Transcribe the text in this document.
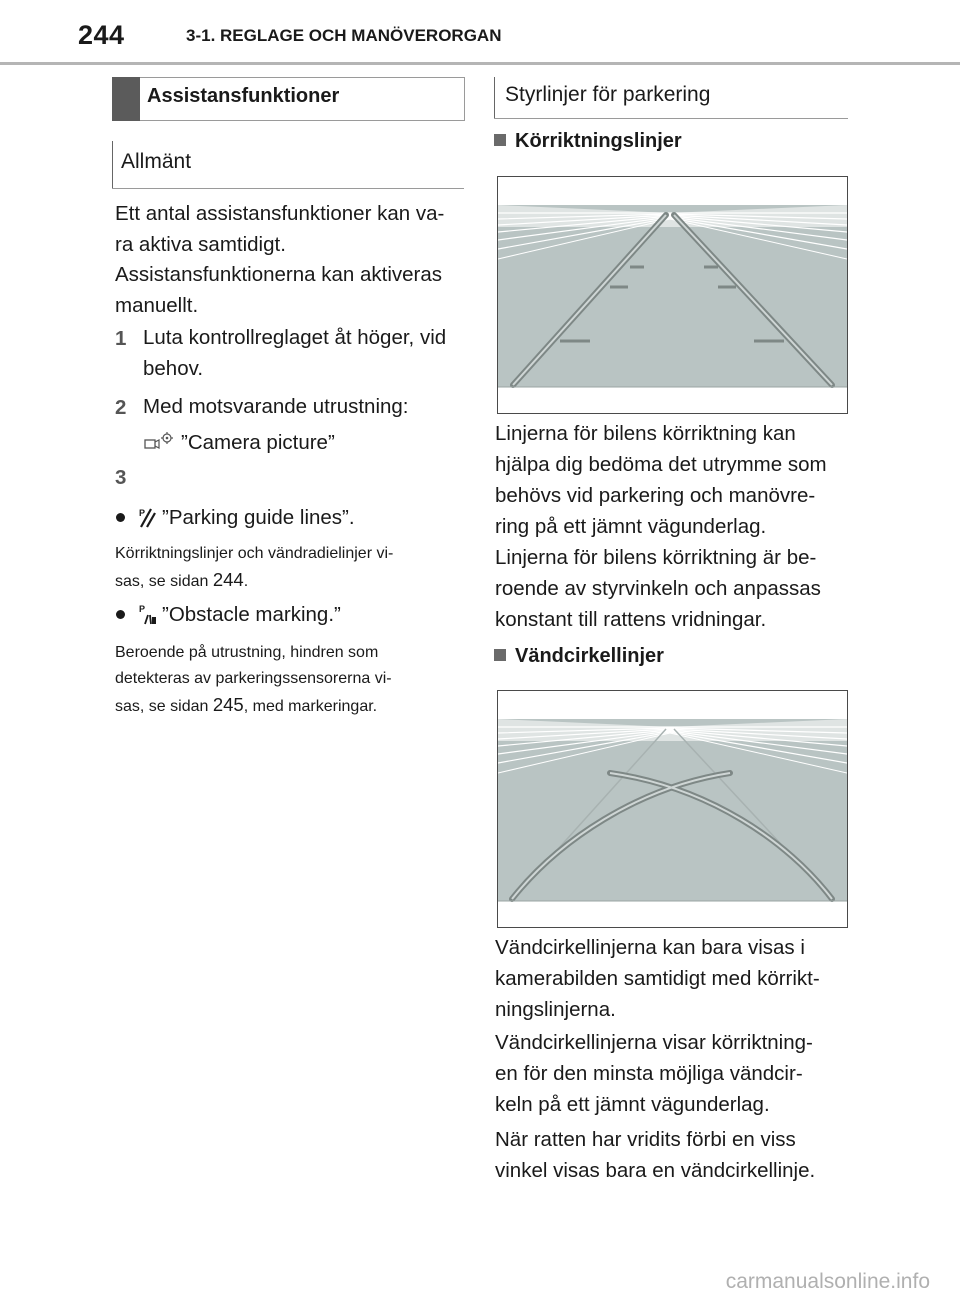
244	3-1. REGLAGE OCH MANÖVERORGAN
Assistansfunktioner
Allmänt

Ett antal assistansfunktioner kan va-
ra aktiva samtidigt.

Assistansfunktionerna kan aktiveras
manuellt.

1 Luta kontrollreglaget åt höger, vid
behov.

2 Med motsvarande utrustning:

”Camera picture”

3
P ”Parking guide lines”.

Körriktningslinjer och vändradielinjer vi-
sas, se sidan 244.

P ”Obstacle marking.”

Beroende på utrustning, hindren som
detekteras av parkeringssensorerna vi-
sas, se sidan 245, med markeringar.

Styrlinjer för parkering
Körriktningslinjer

Linjerna för bilens körriktning kan
hjälpa dig bedöma det utrymme som
behövs vid parkering och manövre-
ring på ett jämnt vägunderlag.

Linjerna för bilens körriktning är be-
roende av styrvinkeln och anpassas
konstant till rattens vridningar.

Vändcirkellinjer

Vändcirkellinjerna kan bara visas i
kamerabilden samtidigt med körrikt-
ningslinjerna.

Vändcirkellinjerna visar körriktning-
en för den minsta möjliga vändcir-
keln på ett jämnt vägunderlag.

När ratten har vridits förbi en viss
vinkel visas bara en vändcirkellinje.

carmanualsonline.info
